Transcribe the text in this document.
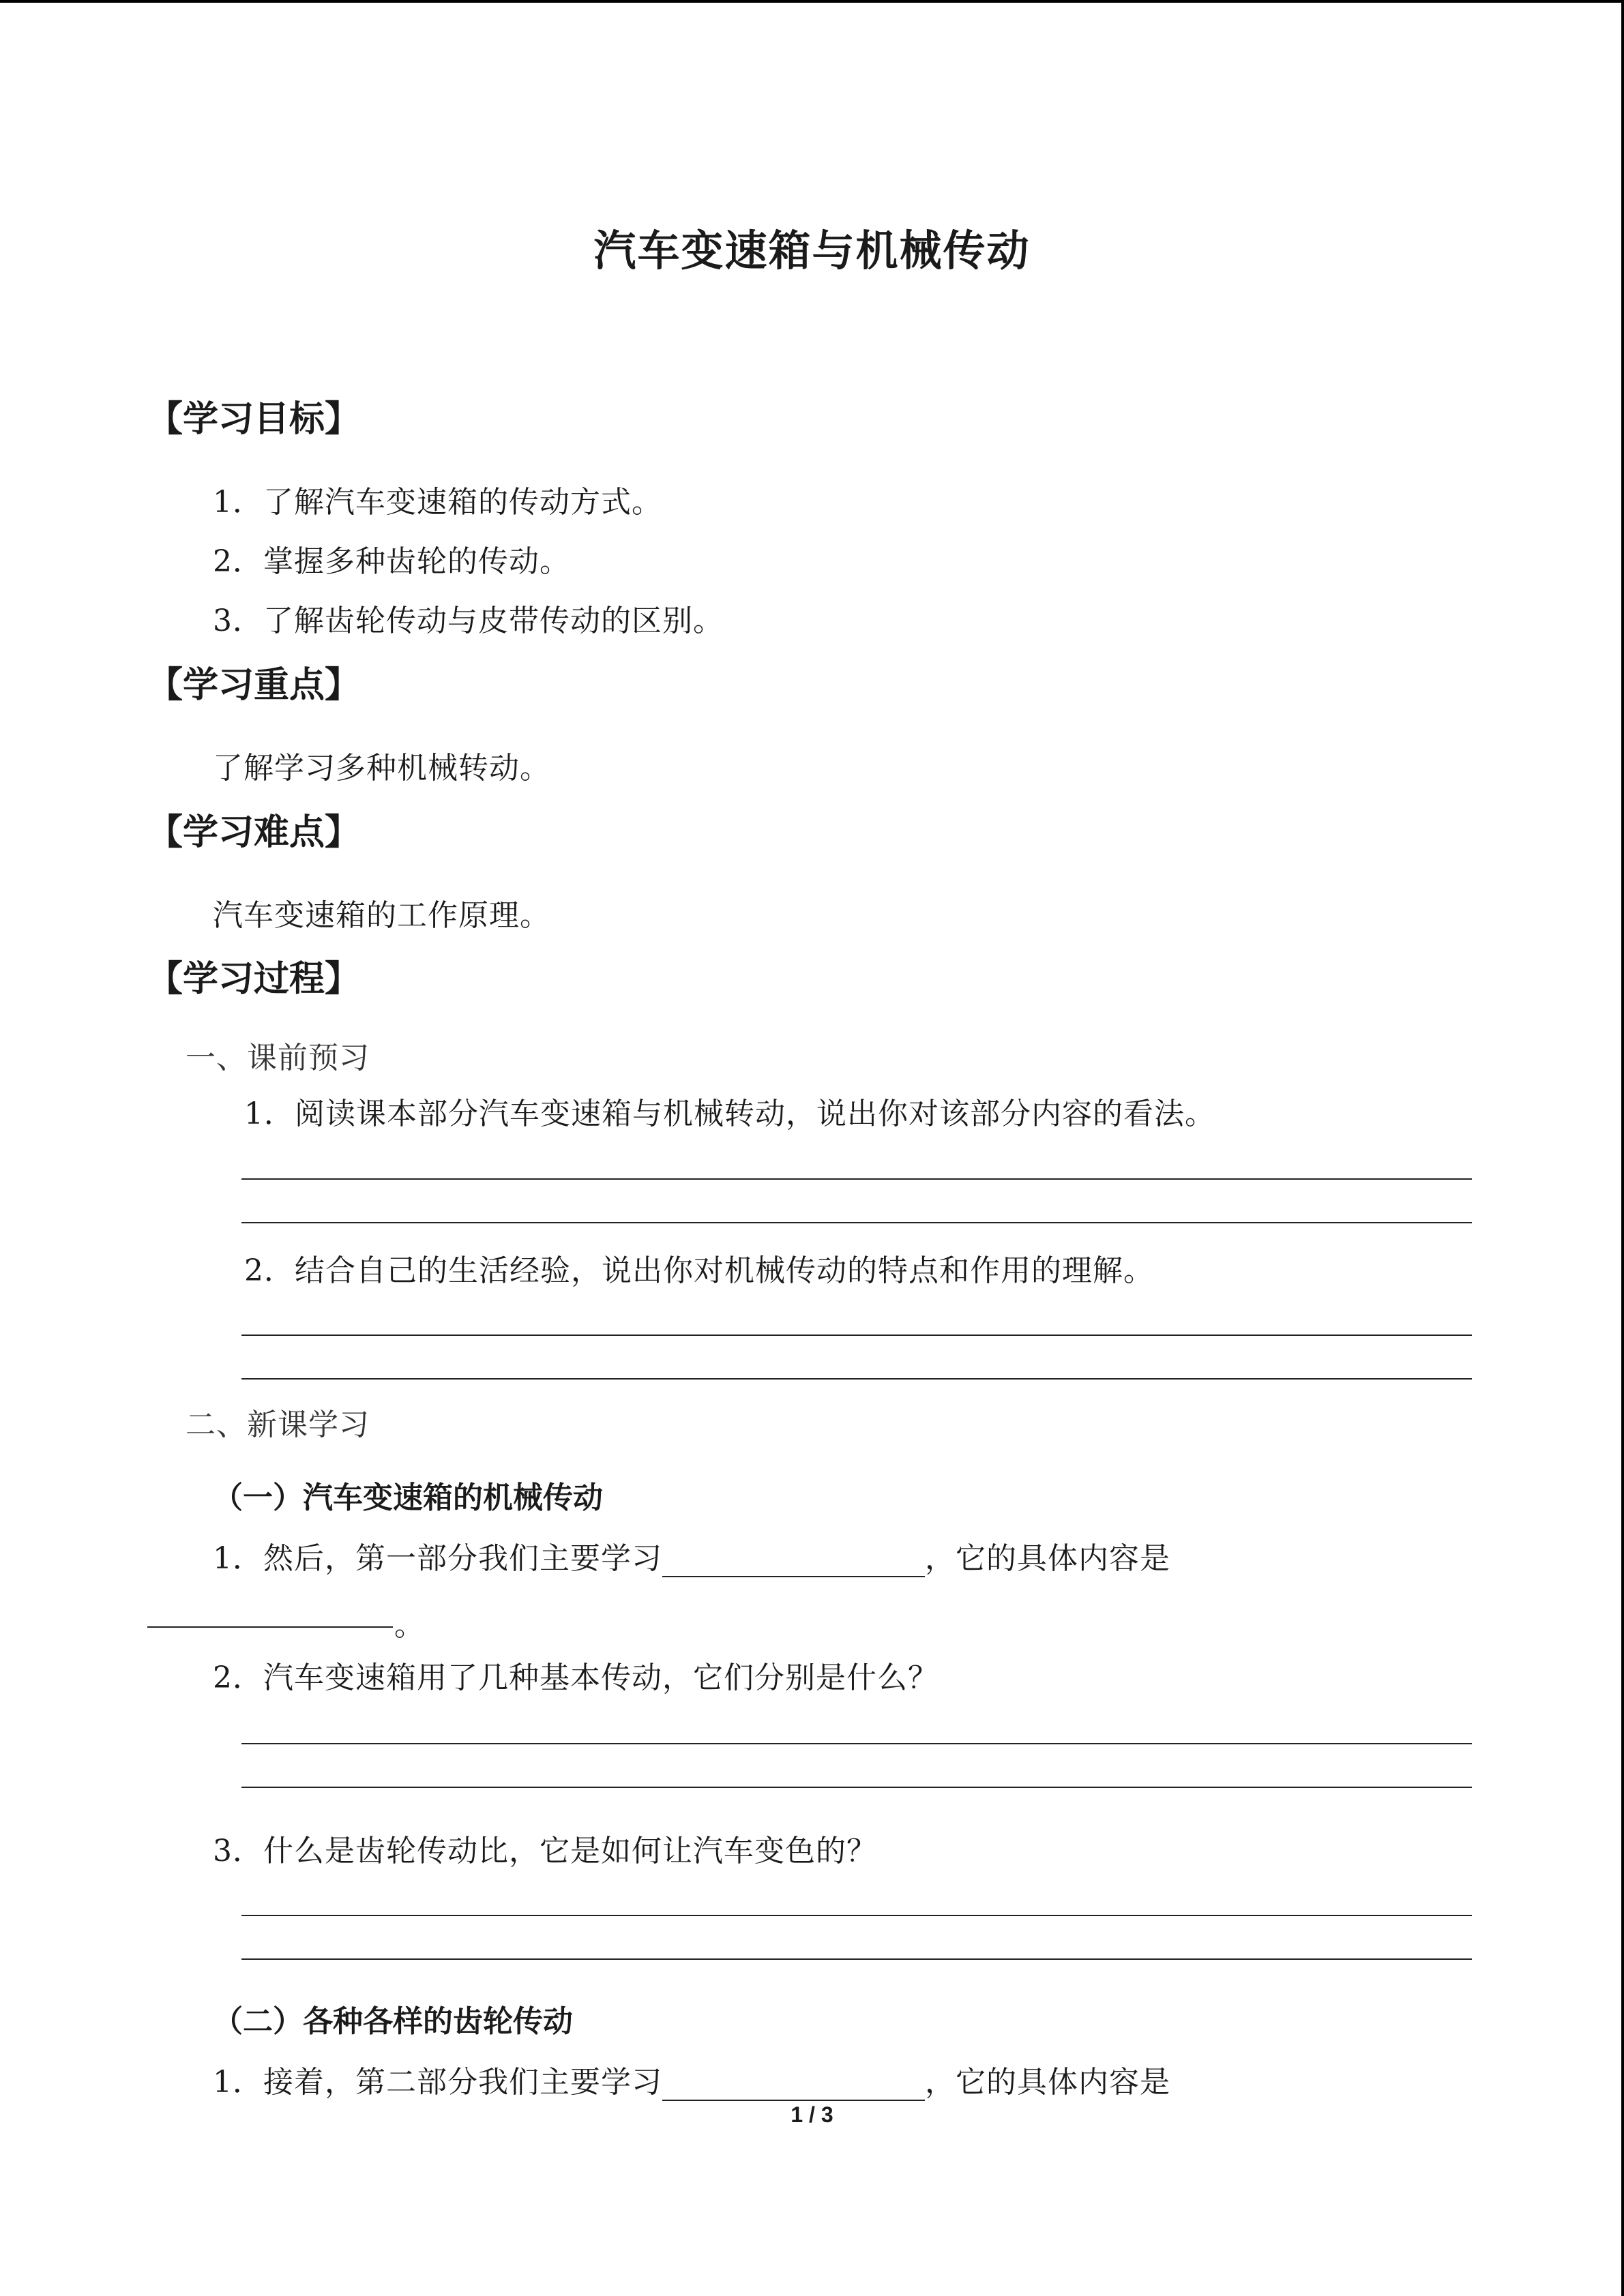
汽车变速箱与机械传动
【学习目标】
1．了解汽车变速箱的传动方式。
2．掌握多种齿轮的传动。
3．了解齿轮传动与皮带传动的区别。
【学习重点】
了解学习多种机械转动。
【学习难点】
汽车变速箱的工作原理。
【学习过程】
一、课前预习
1．阅读课本部分汽车变速箱与机械转动，说出你对该部分内容的看法。
2．结合自己的生活经验，说出你对机械传动的特点和作用的理解。
二、新课学习
（一）汽车变速箱的机械传动
1．然后，第一部分我们主要学习	，它的具体内容是
。
2．汽车变速箱用了几种基本传动，它们分别是什么？
3．什么是齿轮传动比，它是如何让汽车变色的？
（二）各种各样的齿轮传动
1．接着，第二部分我们主要学习	，它的具体内容是
1 / 3
